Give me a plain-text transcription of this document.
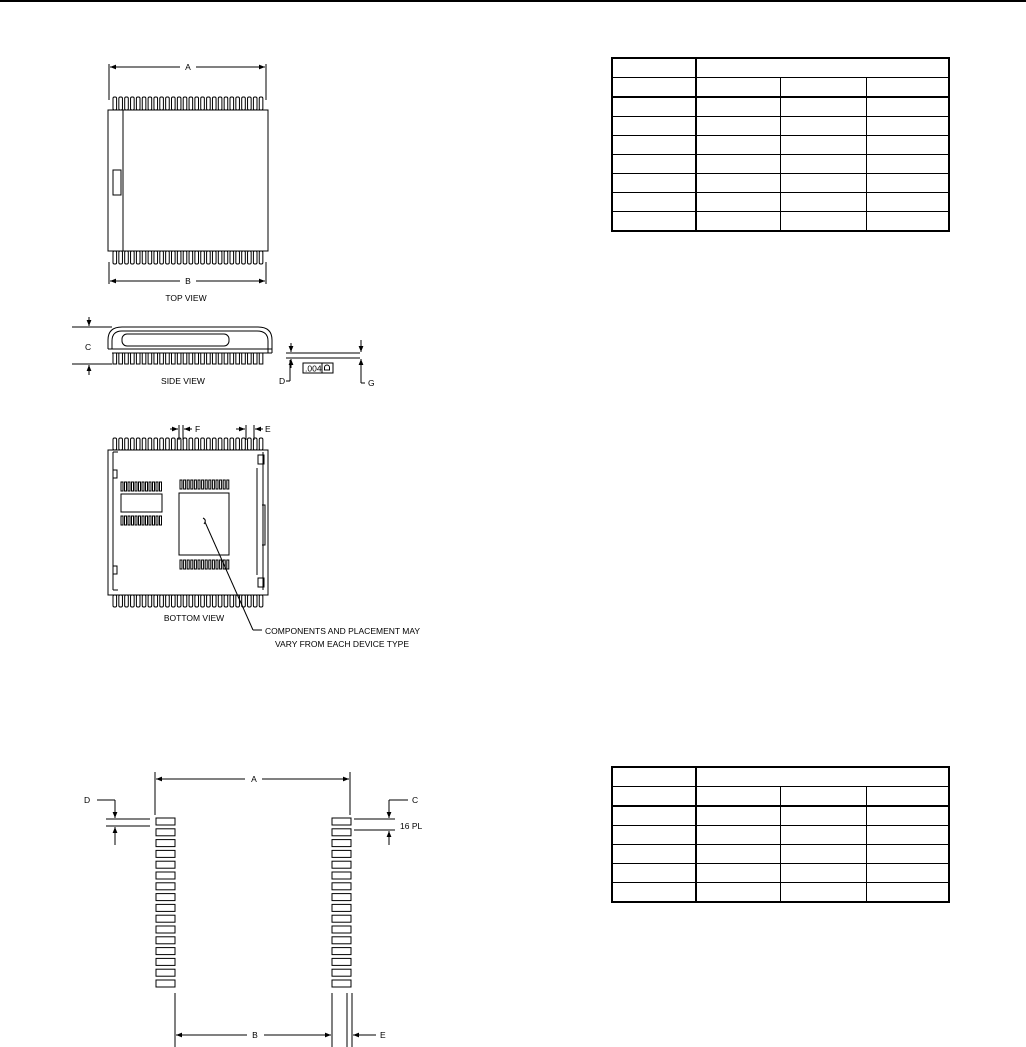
A
B
TOP VIEW
C
SIDE VIEW	D
.004
G
F	E
BOTTOM VIEW
COMPONENTS AND PLACEMENT MAY
VARY FROM EACH DEVICE TYPE
A
D	C
16 PL
B	E
